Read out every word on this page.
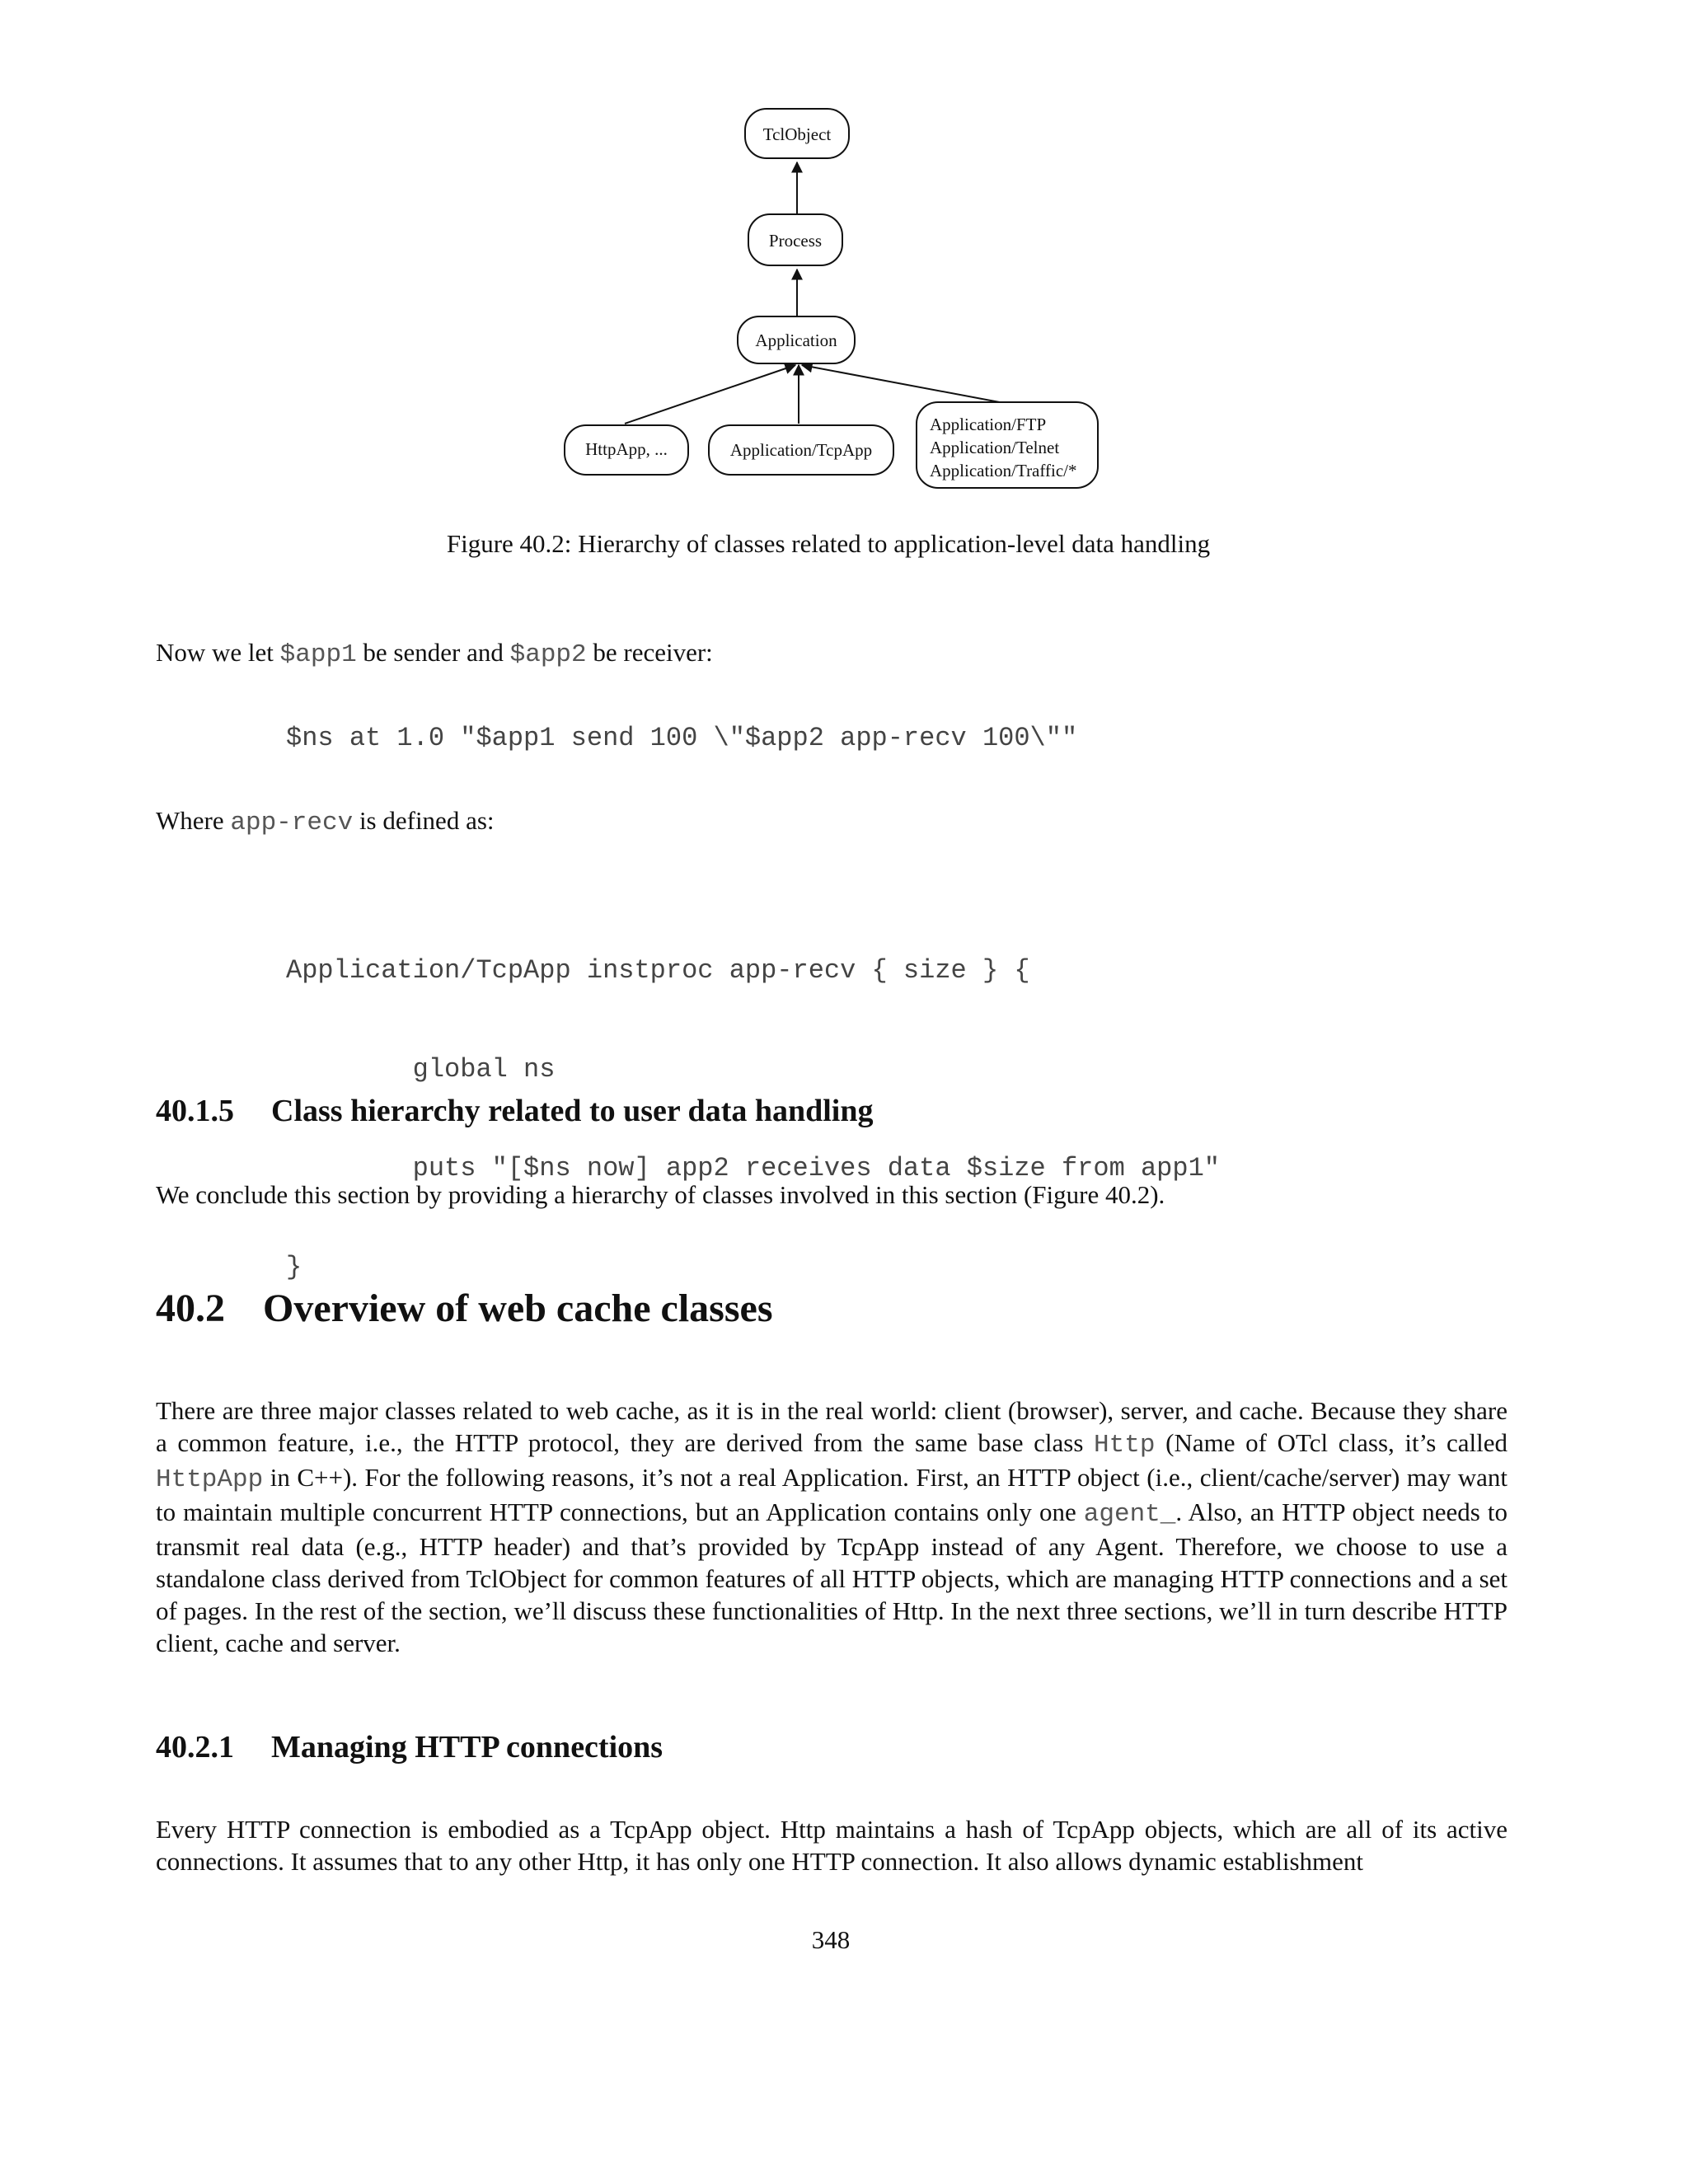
TclObject
Process
Application
HttpApp, ...	Application/TcpApp
Application/FTP
Application/Telnet
Application/Traffic/*
Figure 40.2: Hierarchy of classes related to application-level data handling
Now we let $app1 be sender and $app2 be receiver:
$ns at 1.0 "$app1 send 100 \"$app2 app-recv 100\""
Where app-recv is defined as:

Application/TcpApp instproc app-recv { size } {

global ns

puts "[$ns now] app2 receives data $size from app1"

}

40.1.5 Class hierarchy related to user data handling
We conclude this section by providing a hierarchy of classes involved in this section (Figure 40.2).
40.2 Overview of web cache classes
There are three major classes related to web cache, as it is in the real world: client (browser), server, and cache. Because they share a common feature, i.e., the HTTP protocol, they are derived from the same base class Http (Name of OTcl class, it’s called HttpApp in C++). For the following reasons, it’s not a real Application. First, an HTTP object (i.e., client/cache/server) may want to maintain multiple concurrent HTTP connections, but an Application contains only one agent_. Also, an HTTP object needs to transmit real data (e.g., HTTP header) and that’s provided by TcpApp instead of any Agent. Therefore, we choose to use a standalone class derived from TclObject for common features of all HTTP objects, which are managing HTTP connections and a set of pages. In the rest of the section, we’ll discuss these functionalities of Http. In the next three sections, we’ll in turn describe HTTP client, cache and server.
40.2.1 Managing HTTP connections
Every HTTP connection is embodied as a TcpApp object. Http maintains a hash of TcpApp objects, which are all of its active connections. It assumes that to any other Http, it has only one HTTP connection. It also allows dynamic establishment
348
